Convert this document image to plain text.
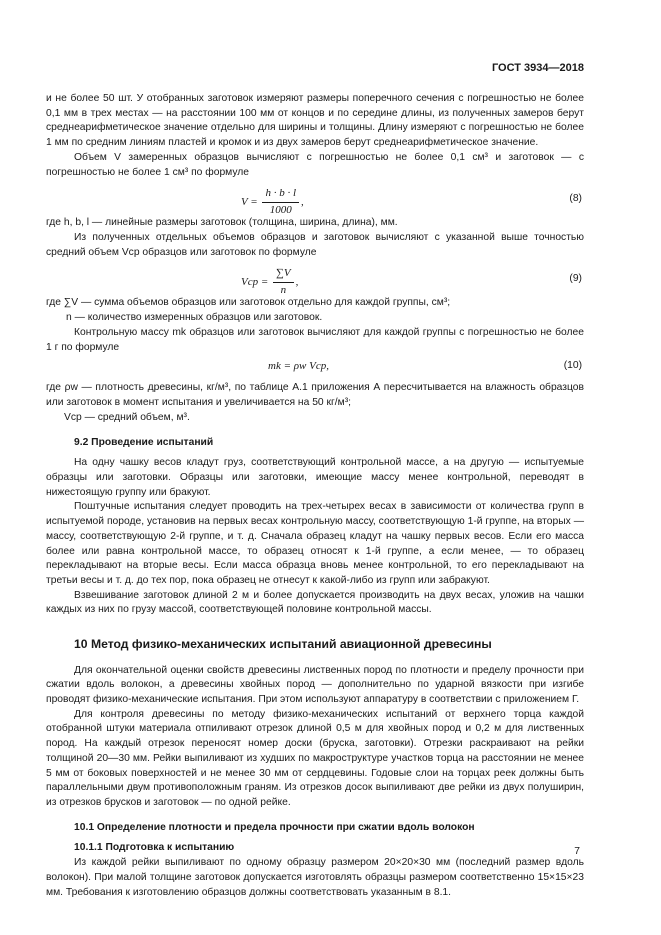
ГОСТ 3934—2018

и не более 50 шт. У отобранных заготовок измеряют размеры поперечного сечения с погрешностью не более 0,1 мм в трех местах — на расстоянии 100 мм от концов и по середине длины, из полученных замеров берут среднеарифметическое значение отдельно для ширины и толщины. Длину измеряют с погрешностью не более 1 мм по средним линиям пластей и кромок и из двух замеров берут среднеарифметическое значение.

Объем V замеренных образцов вычисляют с погрешностью не более 0,1 см³ и заготовок — с погрешностью не более 1 см³ по формуле

$V = \frac{h \cdot b \cdot l}{1000}$ ,	(8)

где h, b, l — линейные размеры заготовок (толщина, ширина, длина), мм.

Из полученных отдельных объемов образцов и заготовок вычисляют с указанной выше точностью средний объем Vср образцов или заготовок по формуле

Vср = $\frac{\sum V}{n}$ ,	(9)

где ∑V — сумма объемов образцов или заготовок отдельно для каждой группы, см³;

n — количество измеренных образцов или заготовок.

Контрольную массу mk образцов или заготовок вычисляют для каждой группы с погрешностью не более 1 г по формуле

mk = ρw Vср,	(10)

где ρw — плотность древесины, кг/м³, по таблице А.1 приложения А пересчитывается на влажность образцов или заготовок в момент испытания и увеличивается на 50 кг/м³;

Vср — средний объем, м³.

9.2 Проведение испытаний

На одну чашку весов кладут груз, соответствующий контрольной массе, а на другую — испытуемые образцы или заготовки. Образцы или заготовки, имеющие массу менее контрольной, переводят в нижестоящую группу или бракуют.

Поштучные испытания следует проводить на трех-четырех весах в зависимости от количества групп в испытуемой породе, установив на первых весах контрольную массу, соответствующую 1-й группе, на вторых — массу, соответствующую 2-й группе, и т. д. Сначала образец кладут на чашку первых весов. Если его масса более или равна контрольной массе, то образец относят к 1-й группе, а если менее, — то образец перекладывают на вторые весы. Если масса образца вновь менее контрольной, то его перекладывают на третьи весы и т. д. до тех пор, пока образец не отнесут к какой-либо из групп или забракуют.

Взвешивание заготовок длиной 2 м и более допускается производить на двух весах, уложив на чашки каждых из них по грузу массой, соответствующей половине контрольной массы.

10 Метод физико-механических испытаний авиационной древесины

Для окончательной оценки свойств древесины лиственных пород по плотности и пределу прочности при сжатии вдоль волокон, а древесины хвойных пород — дополнительно по ударной вязкости при изгибе проводят физико-механические испытания. При этом используют аппаратуру в соответствии с приложением Г.

Для контроля древесины по методу физико-механических испытаний от верхнего торца каждой отобранной штуки материала отпиливают отрезок длиной 0,5 м для хвойных пород и 0,2 м для лиственных пород. На каждый отрезок переносят номер доски (бруска, заготовки). Отрезки раскраивают на рейки толщиной 20—30 мм. Рейки выпиливают из худших по макроструктуре участков торца на расстоянии не менее 5 мм от боковых поверхностей и не менее 30 мм от сердцевины. Годовые слои на торцах реек должны быть параллельными двум противоположным граням. Из отрезков досок выпиливают две рейки из двух полуширин, из отрезков брусков и заготовок — по одной рейке.

10.1 Определение плотности и предела прочности при сжатии вдоль волокон
10.1.1 Подготовка к испытанию

Из каждой рейки выпиливают по одному образцу размером 20×20×30 мм (последний размер вдоль волокон). При малой толщине заготовок допускается изготовлять образцы размером соответственно 15×15×23 мм. Требования к изготовлению образцов должны соответствовать указанным в 8.1.

7
